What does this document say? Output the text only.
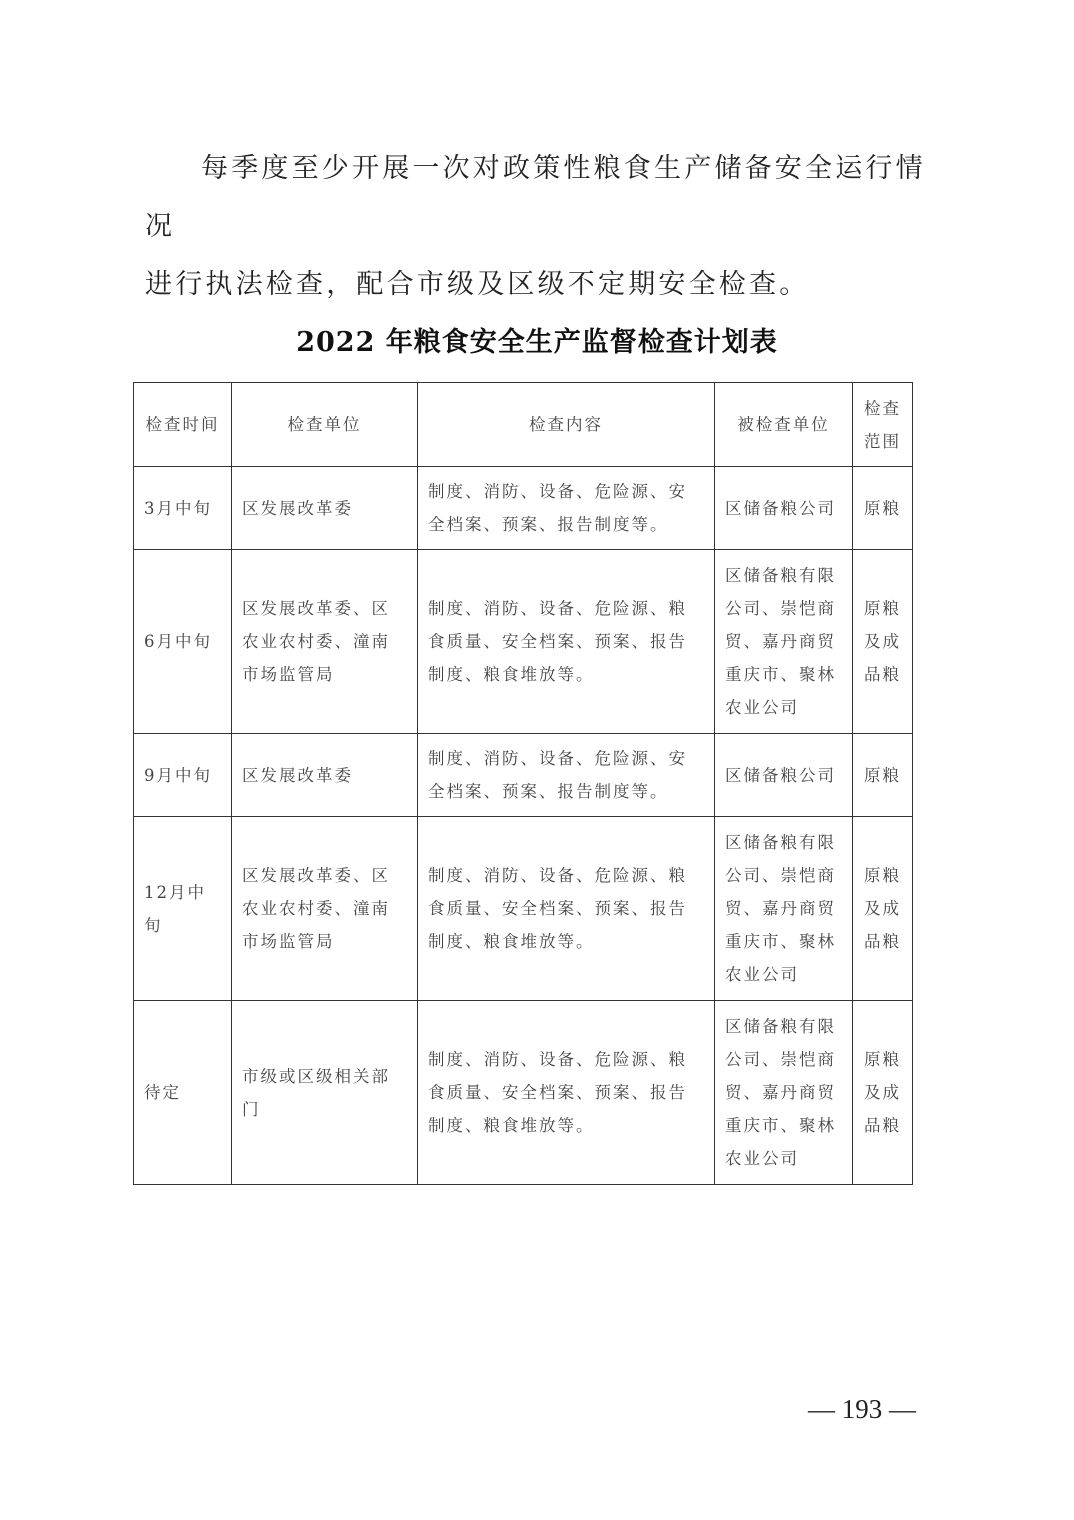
每季度至少开展一次对政策性粮食生产储备安全运行情况
进行执法检查，配合市级及区级不定期安全检查。
2022 年粮食安全生产监督检查计划表
检查时间	检查单位	检查内容	被检查单位	检查范围
3月中旬	区发展改革委	制度、消防、设备、危险源、安全档案、预案、报告制度等。	区储备粮公司	原粮
6月中旬	区发展改革委、区农业农村委、潼南市场监管局	制度、消防、设备、危险源、粮食质量、安全档案、预案、报告制度、粮食堆放等。	区储备粮有限公司、崇恺商贸、嘉丹商贸重庆市、聚林农业公司	原粮及成品粮
9月中旬	区发展改革委	制度、消防、设备、危险源、安全档案、预案、报告制度等。	区储备粮公司	原粮
12月中旬	区发展改革委、区农业农村委、潼南市场监管局	制度、消防、设备、危险源、粮食质量、安全档案、预案、报告制度、粮食堆放等。	区储备粮有限公司、崇恺商贸、嘉丹商贸重庆市、聚林农业公司	原粮及成品粮
待定	市级或区级相关部门	制度、消防、设备、危险源、粮食质量、安全档案、预案、报告制度、粮食堆放等。	区储备粮有限公司、崇恺商贸、嘉丹商贸重庆市、聚林农业公司	原粮及成品粮
— 193 —
